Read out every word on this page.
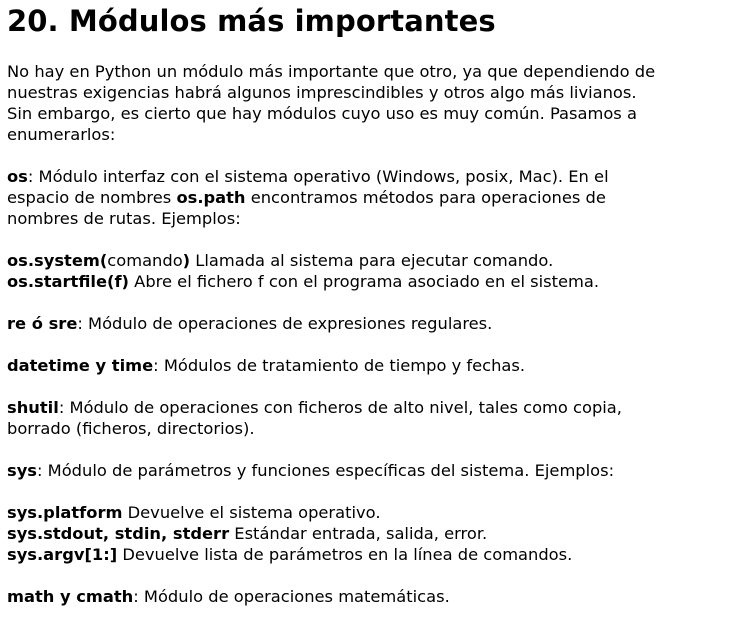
20. Módulos más importantes

No hay en Python un módulo más importante que otro, ya que dependiendo de
nuestras exigencias habrá algunos imprescindibles y otros algo más livianos.
Sin embargo, es cierto que hay módulos cuyo uso es muy común. Pasamos a
enumerarlos:

os: Módulo interfaz con el sistema operativo (Windows, posix, Mac). En el
espacio de nombres os.path encontramos métodos para operaciones de
nombres de rutas. Ejemplos:

os.system(comando) Llamada al sistema para ejecutar comando.
os.startfile(f) Abre el fichero f con el programa asociado en el sistema.

re ó sre: Módulo de operaciones de expresiones regulares.

datetime y time: Módulos de tratamiento de tiempo y fechas.

shutil: Módulo de operaciones con ficheros de alto nivel, tales como copia,
borrado (ficheros, directorios).

sys: Módulo de parámetros y funciones específicas del sistema. Ejemplos:

sys.platform Devuelve el sistema operativo.
sys.stdout, stdin, stderr Estándar entrada, salida, error.
sys.argv[1:] Devuelve lista de parámetros en la línea de comandos.

math y cmath: Módulo de operaciones matemáticas.
